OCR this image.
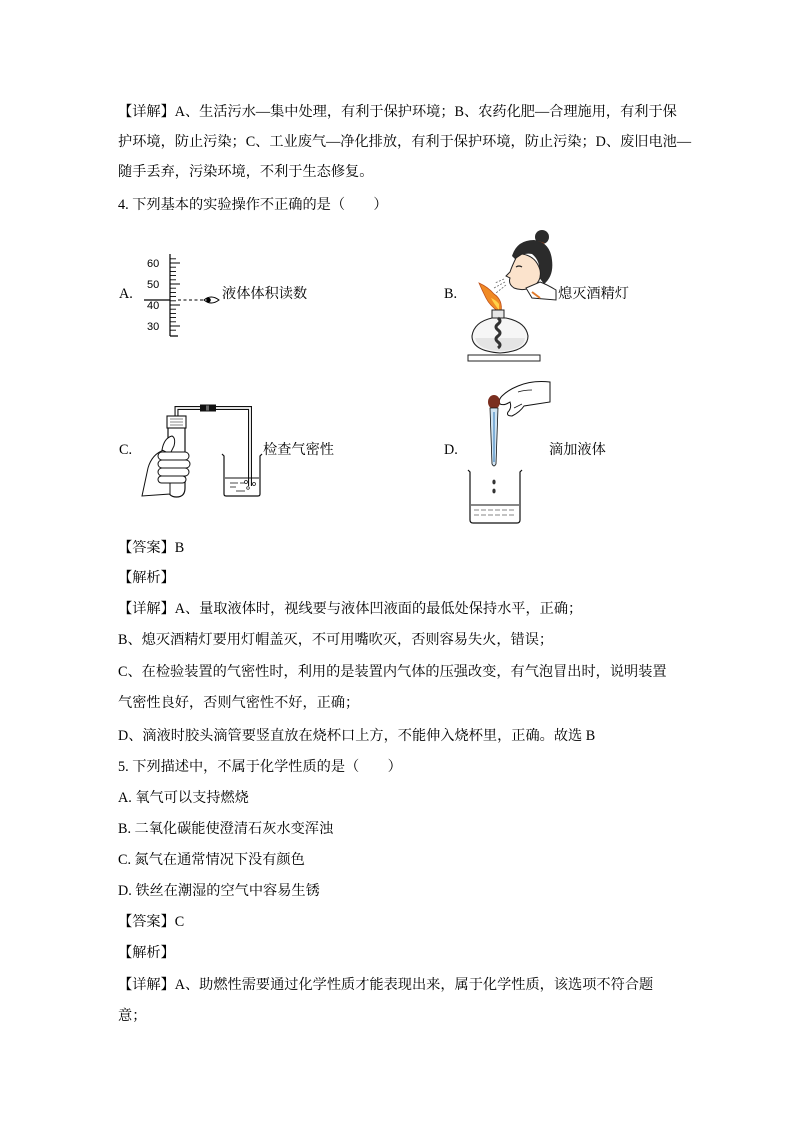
【详解】A、生活污水—集中处理，有利于保护环境；B、农药化肥—合理施用，有利于保
护环境，防止污染；C、工业废气—净化排放，有利于保护环境，防止污染；D、废旧电池—
随手丢弃，污染环境，不利于生态修复。
4. 下列基本的实验操作不正确的是（　　）
A.
60
50
40
30
液体体积读数	B.	熄灭酒精灯
C.	检查气密性	D.	滴加液体
【答案】B
【解析】
【详解】A、量取液体时，视线要与液体凹液面的最低处保持水平，正确；
B、熄灭酒精灯要用灯帽盖灭，不可用嘴吹灭，否则容易失火，错误；
C、在检验装置的气密性时，利用的是装置内气体的压强改变，有气泡冒出时，说明装置
气密性良好，否则气密性不好，正确；
D、滴液时胶头滴管要竖直放在烧杯口上方，不能伸入烧杯里，正确。故选 B
5. 下列描述中，不属于化学性质的是（　　）
A. 氧气可以支持燃烧
B. 二氧化碳能使澄清石灰水变浑浊
C. 氮气在通常情况下没有颜色
D. 铁丝在潮湿的空气中容易生锈
【答案】C
【解析】
【详解】A、助燃性需要通过化学性质才能表现出来，属于化学性质，该选项不符合题
意；
